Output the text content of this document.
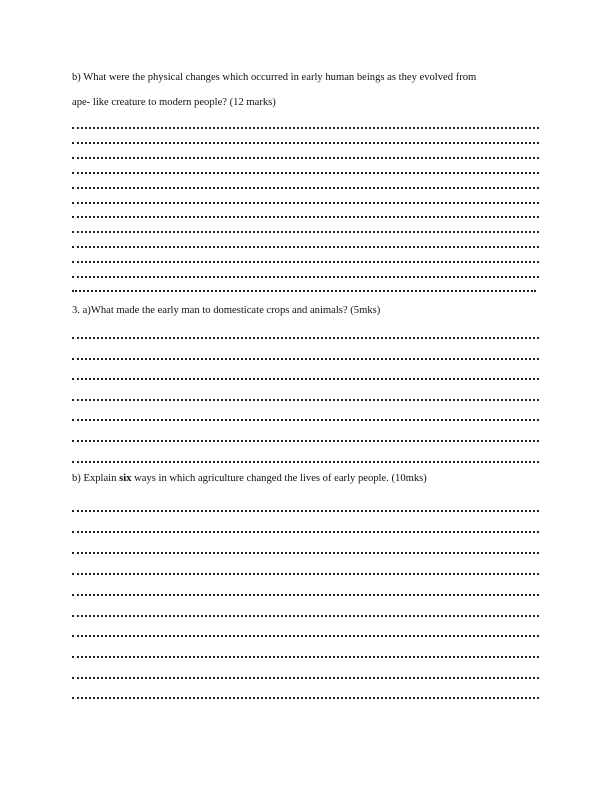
b) What were the physical changes which occurred in early human beings as they evolved from
ape- like creature to modern people? (12 marks)
3. a)What made the early man to domesticate crops and animals? (5mks)
b) Explain six ways in which agriculture changed the lives of early people. (10mks)
